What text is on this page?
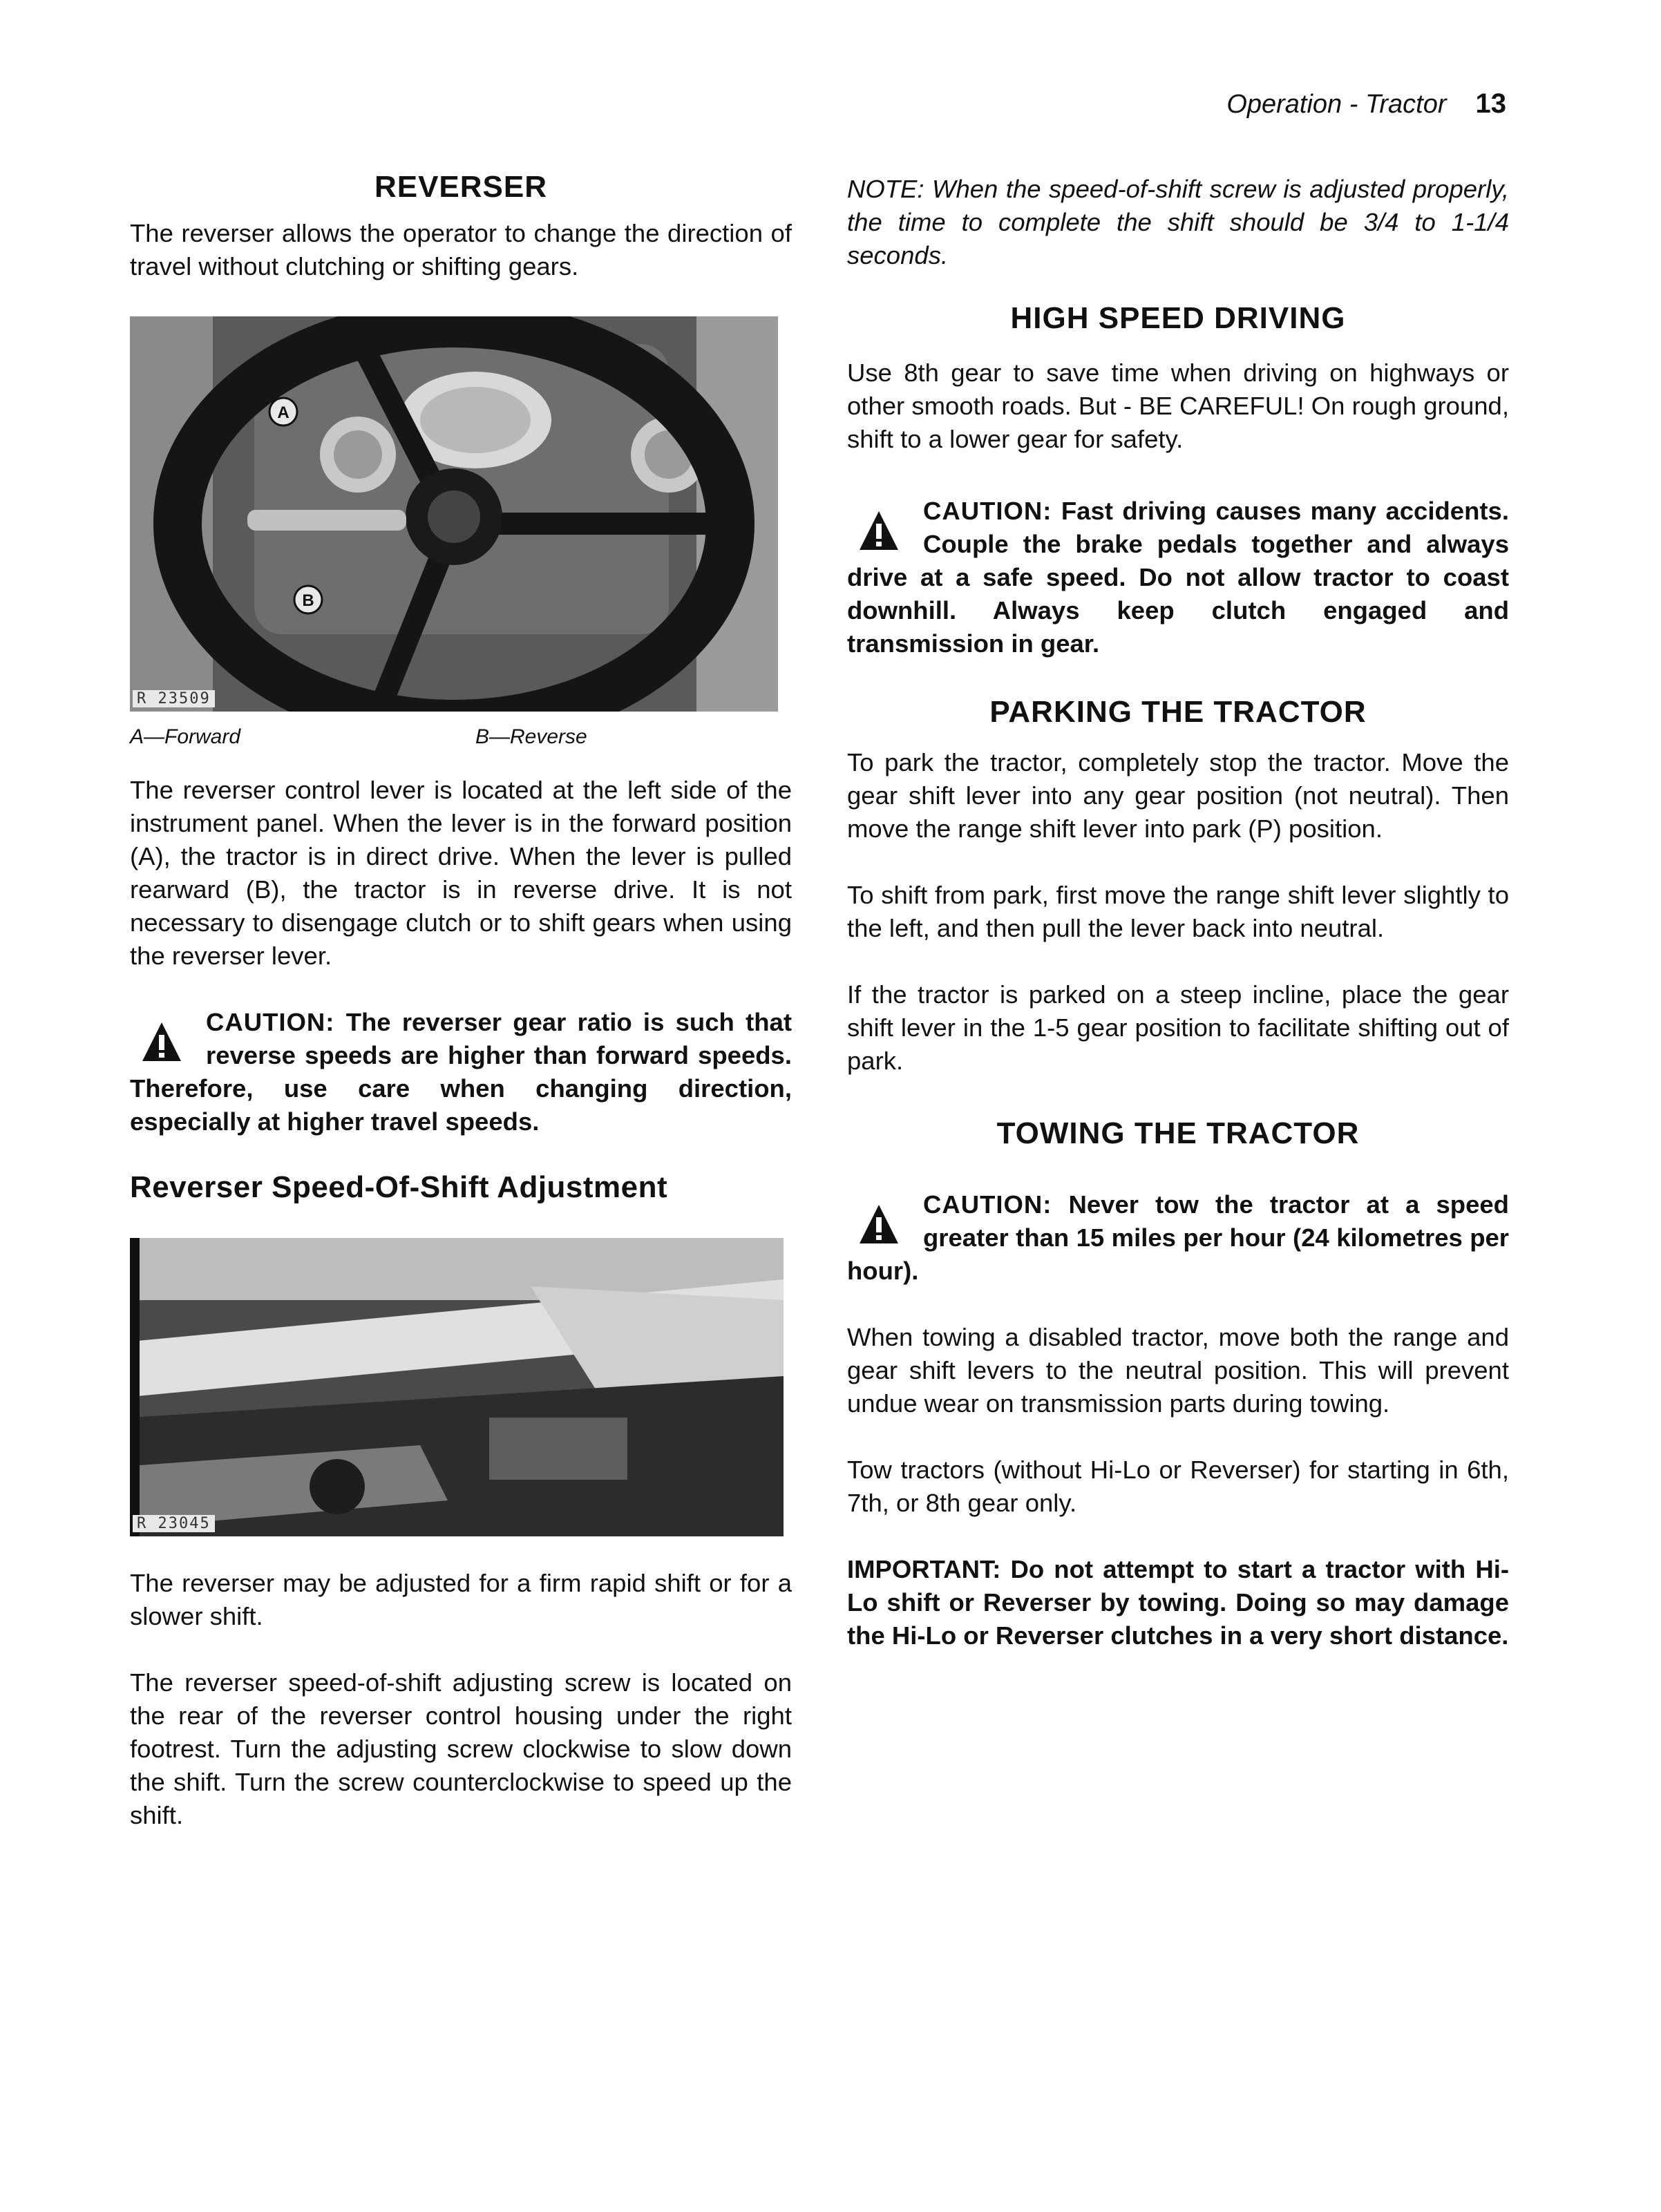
Operation - Tractor 13
REVERSER

The reverser allows the operator to change the direction of travel without clutching or shifting gears.

A
B
R 23509
A—Forward	B—Reverse

The reverser control lever is located at the left side of the instrument panel. When the lever is in the forward position (A), the tractor is in direct drive. When the lever is pulled rearward (B), the tractor is in reverse drive. It is not necessary to disengage clutch or to shift gears when using the reverser lever.

CAUTION: The reverser gear ratio is such that reverse speeds are higher than forward speeds. Therefore, use care when changing direction, especially at higher travel speeds.
Reverser Speed-Of-Shift Adjustment
R 23045

The reverser may be adjusted for a firm rapid shift or for a slower shift.

The reverser speed-of-shift adjusting screw is located on the rear of the reverser control housing under the right footrest. Turn the adjusting screw clockwise to slow down the shift. Turn the screw counterclockwise to speed up the shift.

NOTE: When the speed-of-shift screw is adjusted properly, the time to complete the shift should be 3/4 to 1-1/4 seconds.

HIGH SPEED DRIVING

Use 8th gear to save time when driving on highways or other smooth roads. But - BE CAREFUL! On rough ground, shift to a lower gear for safety.

CAUTION: Fast driving causes many accidents. Couple the brake pedals together and always drive at a safe speed. Do not allow tractor to coast downhill. Always keep clutch engaged and transmission in gear.
PARKING THE TRACTOR

To park the tractor, completely stop the tractor. Move the gear shift lever into any gear position (not neutral). Then move the range shift lever into park (P) position.

To shift from park, first move the range shift lever slightly to the left, and then pull the lever back into neutral.

If the tractor is parked on a steep incline, place the gear shift lever in the 1-5 gear position to facilitate shifting out of park.

TOWING THE TRACTOR
CAUTION: Never tow the tractor at a speed greater than 15 miles per hour (24 kilometres per hour).

When towing a disabled tractor, move both the range and gear shift levers to the neutral position. This will prevent undue wear on transmission parts during towing.

Tow tractors (without Hi-Lo or Reverser) for starting in 6th, 7th, or 8th gear only.

IMPORTANT: Do not attempt to start a tractor with Hi-Lo shift or Reverser by towing. Doing so may damage the Hi-Lo or Reverser clutches in a very short distance.
